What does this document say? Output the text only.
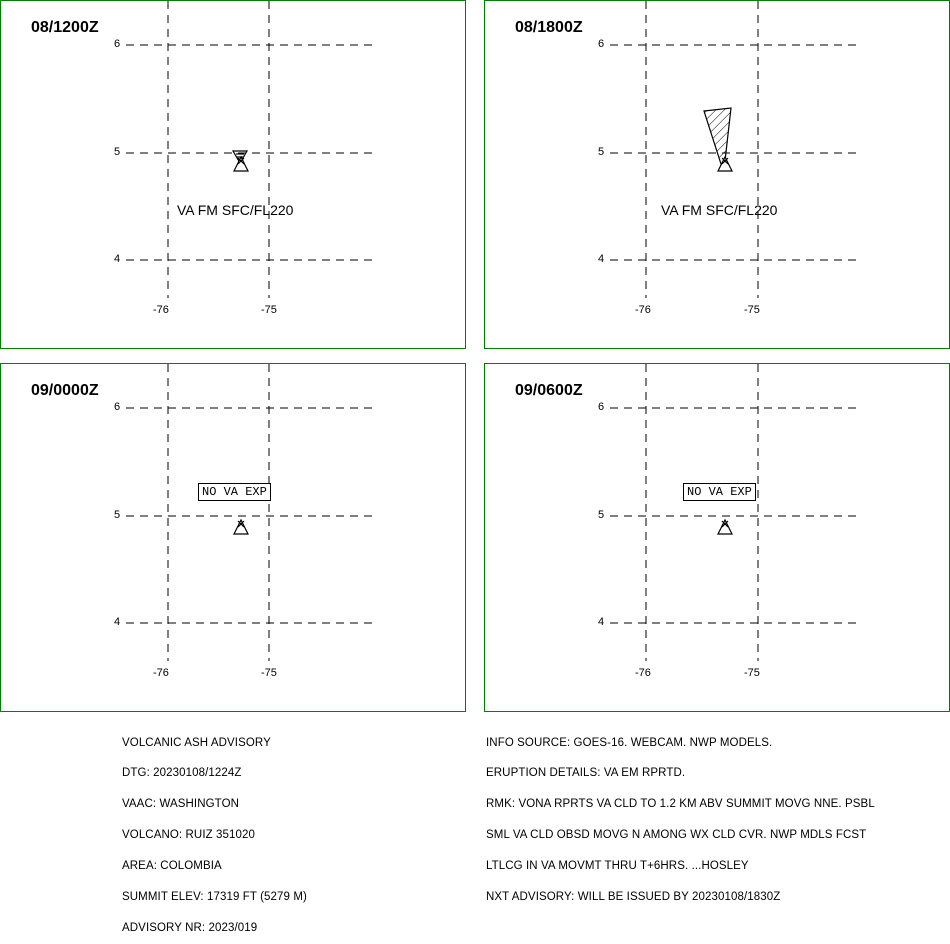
08/1200Z
6
5
4
-76	-75
VA FM SFC/FL220
08/1800Z
6
5
4
-76	-75
VA FM SFC/FL220
09/0000Z
6
5
4
-76	-75
NO VA EXP
09/0600Z
6
5
4
-76	-75
NO VA EXP

VOLCANIC ASH ADVISORY

DTG: 20230108/1224Z

VAAC: WASHINGTON

VOLCANO: RUIZ 351020

AREA: COLOMBIA

SUMMIT ELEV: 17319 FT (5279 M)

ADVISORY NR: 2023/019

INFO SOURCE: GOES-16. WEBCAM. NWP MODELS.

ERUPTION DETAILS: VA EM RPRTD.

RMK: VONA RPRTS VA CLD TO 1.2 KM ABV SUMMIT MOVG NNE. PSBL

SML VA CLD OBSD MOVG N AMONG WX CLD CVR. NWP MDLS FCST

LTLCG IN VA MOVMT THRU T+6HRS. ...HOSLEY

NXT ADVISORY: WILL BE ISSUED BY 20230108/1830Z
